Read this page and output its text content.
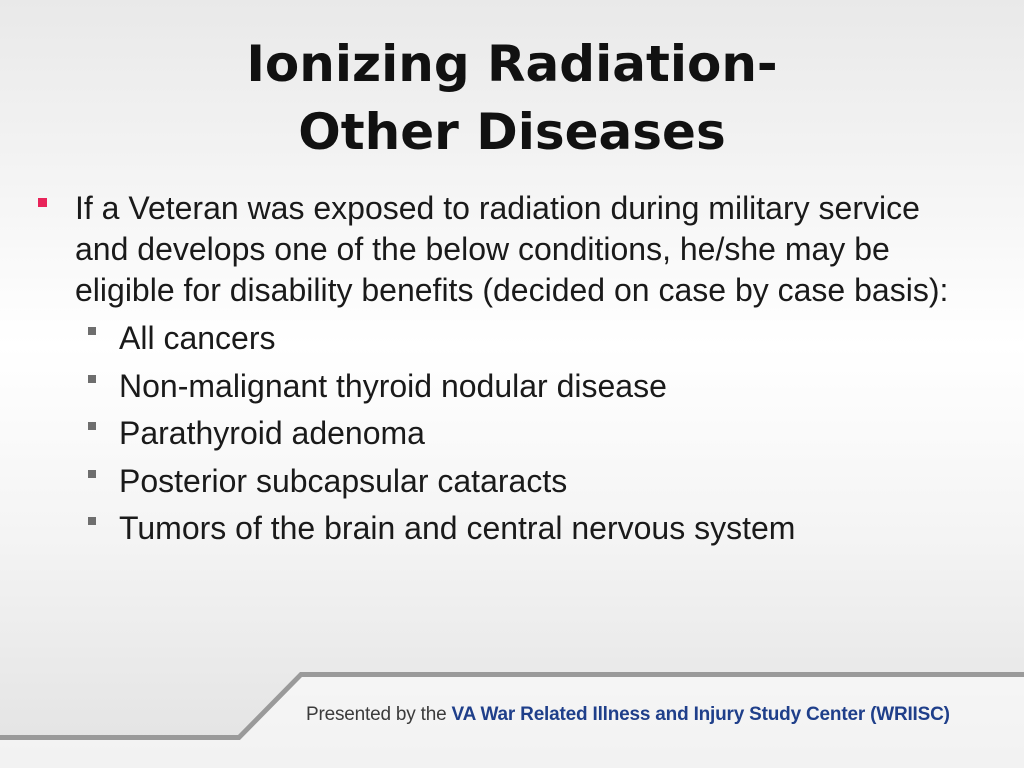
Ionizing Radiation-
Other Diseases
If a Veteran was exposed to radiation during military service and develops one of the below conditions, he/she may be eligible for disability benefits (decided on case by case basis):
All cancers
Non-malignant thyroid nodular disease
Parathyroid adenoma
Posterior subcapsular cataracts
Tumors of the brain and central nervous system
Presented by the VA War Related Illness and Injury Study Center (WRIISC)
